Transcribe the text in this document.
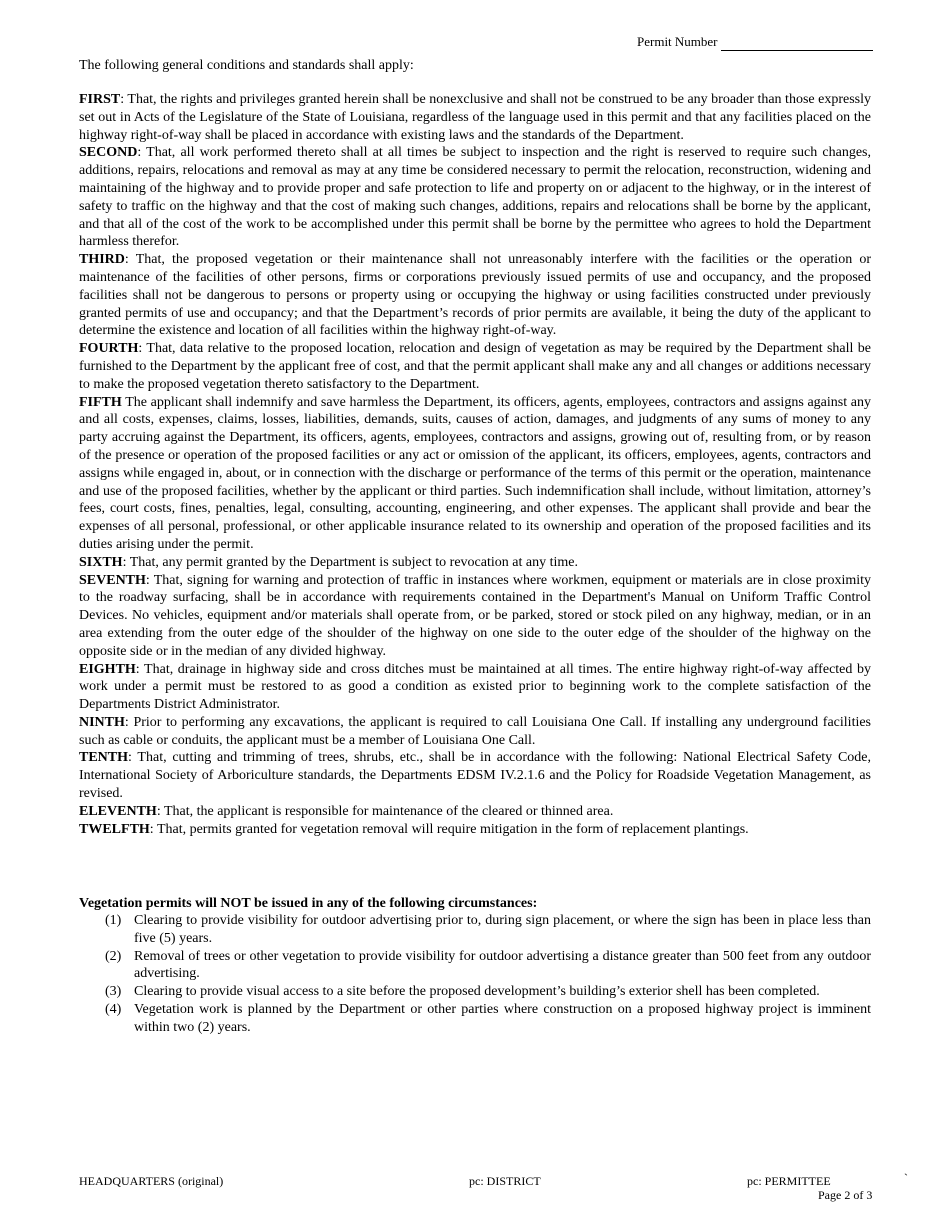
Permit Number
The following general conditions and standards shall apply:

FIRST: That, the rights and privileges granted herein shall be nonexclusive and shall not be construed to be any broader than those expressly set out in Acts of the Legislature of the State of Louisiana, regardless of the language used in this permit and that any facilities placed on the highway right-of-way shall be placed in accordance with existing laws and the standards of the Department.

SECOND: That, all work performed thereto shall at all times be subject to inspection and the right is reserved to require such changes, additions, repairs, relocations and removal as may at any time be considered necessary to permit the relocation, reconstruction, widening and maintaining of the highway and to provide proper and safe protection to life and property on or adjacent to the highway, or in the interest of safety to traffic on the highway and that the cost of making such changes, additions, repairs and relocations shall be borne by the applicant, and that all of the cost of the work to be accomplished under this permit shall be borne by the permittee who agrees to hold the Department harmless therefor.

THIRD: That, the proposed vegetation or their maintenance shall not unreasonably interfere with the facilities or the operation or maintenance of the facilities of other persons, firms or corporations previously issued permits of use and occupancy, and the proposed facilities shall not be dangerous to persons or property using or occupying the highway or using facilities constructed under previously granted permits of use and occupancy; and that the Department’s records of prior permits are available, it being the duty of the applicant to determine the existence and location of all facilities within the highway right-of-way.

FOURTH: That, data relative to the proposed location, relocation and design of vegetation as may be required by the Department shall be furnished to the Department by the applicant free of cost, and that the permit applicant shall make any and all changes or additions necessary to make the proposed vegetation thereto satisfactory to the Department.

FIFTH The applicant shall indemnify and save harmless the Department, its officers, agents, employees, contractors and assigns against any and all costs, expenses, claims, losses, liabilities, demands, suits, causes of action, damages, and judgments of any sums of money to any party accruing against the Department, its officers, agents, employees, contractors and assigns, growing out of, resulting from, or by reason of the presence or operation of the proposed facilities or any act or omission of the applicant, its officers, employees, agents, contractors and assigns while engaged in, about, or in connection with the discharge or performance of the terms of this permit or the operation, maintenance and use of the proposed facilities, whether by the applicant or third parties. Such indemnification shall include, without limitation, attorney’s fees, court costs, fines, penalties, legal, consulting, accounting, engineering, and other expenses. The applicant shall provide and bear the expenses of all personal, professional, or other applicable insurance related to its ownership and operation of the proposed facilities and its duties arising under the permit.

SIXTH: That, any permit granted by the Department is subject to revocation at any time.

SEVENTH: That, signing for warning and protection of traffic in instances where workmen, equipment or materials are in close proximity to the roadway surfacing, shall be in accordance with requirements contained in the Department's Manual on Uniform Traffic Control Devices. No vehicles, equipment and/or materials shall operate from, or be parked, stored or stock piled on any highway, median, or in an area extending from the outer edge of the shoulder of the highway on one side to the outer edge of the shoulder of the highway on the opposite side or in the median of any divided highway.

EIGHTH: That, drainage in highway side and cross ditches must be maintained at all times. The entire highway right-of-way affected by work under a permit must be restored to as good a condition as existed prior to beginning work to the complete satisfaction of the Departments District Administrator.

NINTH: Prior to performing any excavations, the applicant is required to call Louisiana One Call. If installing any underground facilities such as cable or conduits, the applicant must be a member of Louisiana One Call.

TENTH: That, cutting and trimming of trees, shrubs, etc., shall be in accordance with the following: National Electrical Safety Code, International Society of Arboriculture standards, the Departments EDSM IV.2.1.6 and the Policy for Roadside Vegetation Management, as revised.

ELEVENTH: That, the applicant is responsible for maintenance of the cleared or thinned area.

TWELFTH: That, permits granted for vegetation removal will require mitigation in the form of replacement plantings.

Vegetation permits will NOT be issued in any of the following circumstances:

(1) Clearing to provide visibility for outdoor advertising prior to, during sign placement, or where the sign has been in place less than five (5) years.
(2) Removal of trees or other vegetation to provide visibility for outdoor advertising a distance greater than 500 feet from any outdoor advertising.
(3) Clearing to provide visual access to a site before the proposed development’s building’s exterior shell has been completed.
(4) Vegetation work is planned by the Department or other parties where construction on a proposed highway project is imminent within two (2) years.
HEADQUARTERS (original)	pc: DISTRICT	pc: PERMITTEE	`
Page 2 of 3
